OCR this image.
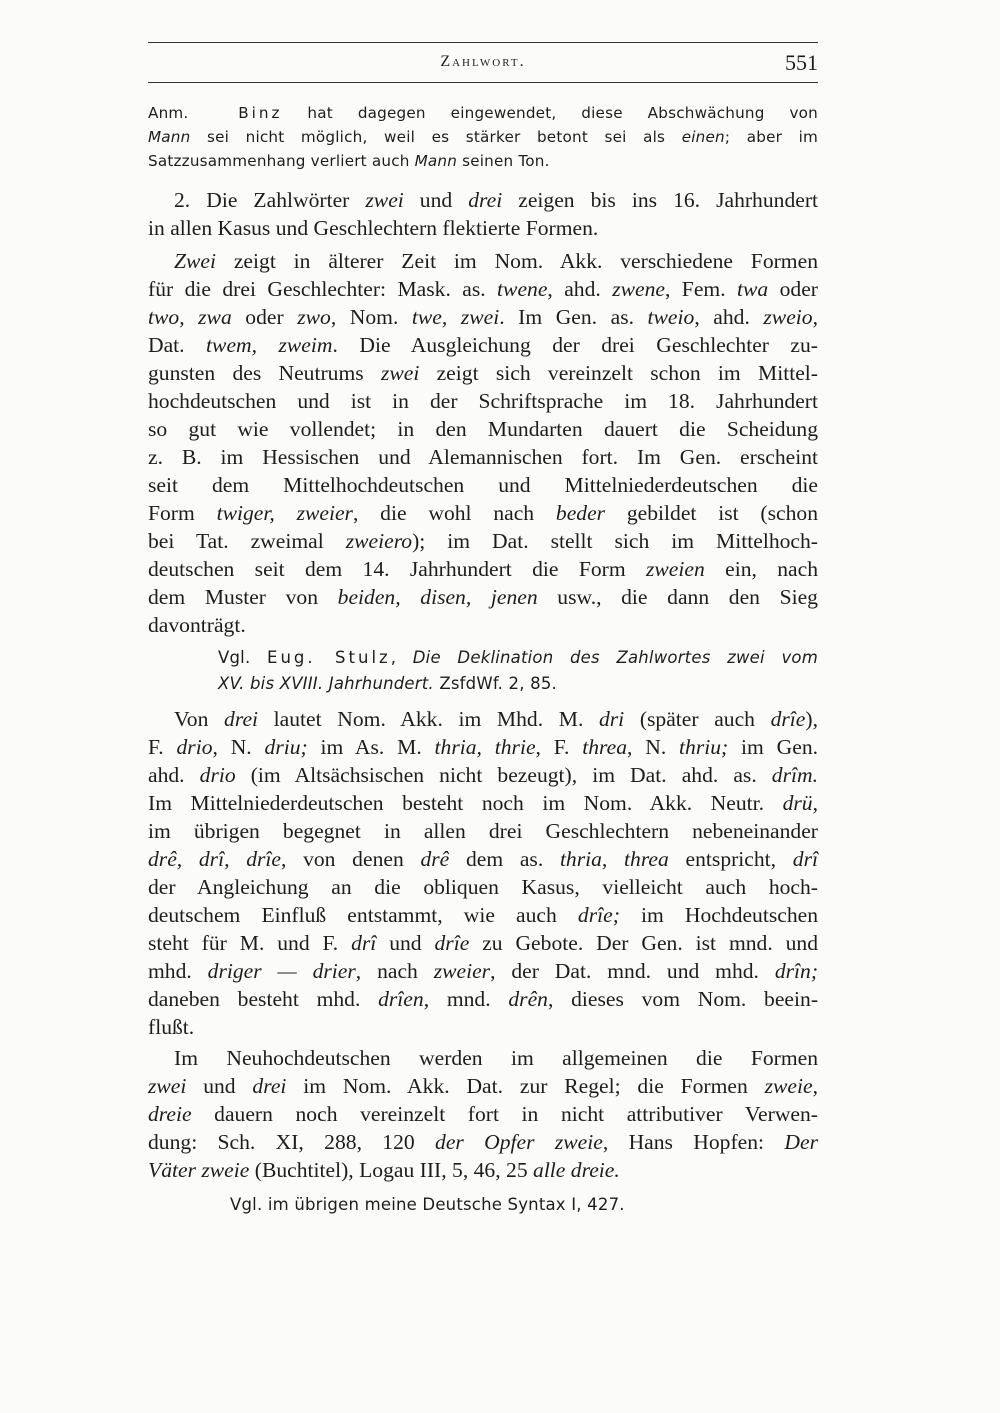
Zahlwort.	551
Anm.	Binz hat dagegen eingewendet, diese Abschwächung von
Mann sei nicht möglich, weil es stärker betont sei als einen; aber im
Satzzusammenhang verliert auch Mann seinen Ton.
2. Die Zahlwörter zwei und drei zeigen bis ins 16. Jahrhundert
in allen Kasus und Geschlechtern flektierte Formen.
Zwei zeigt in älterer Zeit im Nom. Akk. verschiedene Formen
für die drei Geschlechter: Mask. as. twene, ahd. zwene, Fem. twa oder
two, zwa oder zwo, Nom. twe, zwei. Im Gen. as. tweio, ahd. zweio,
Dat. twem, zweim. Die Ausgleichung der drei Geschlechter zu-
gunsten des Neutrums zwei zeigt sich vereinzelt schon im Mittel-
hochdeutschen und ist in der Schriftsprache im 18. Jahrhundert
so gut wie vollendet; in den Mundarten dauert die Scheidung
z. B. im Hessischen und Alemannischen fort. Im Gen. erscheint
seit dem Mittelhochdeutschen und Mittelniederdeutschen die
Form twiger, zweier, die wohl nach beder gebildet ist (schon
bei Tat. zweimal zweiero); im Dat. stellt sich im Mittelhoch-
deutschen seit dem 14. Jahrhundert die Form zweien ein, nach
dem Muster von beiden, disen, jenen usw., die dann den Sieg
davonträgt.
Vgl. Eug. Stulz, Die Deklination des Zahlwortes zwei vom
XV. bis XVIII. Jahrhundert. ZsfdWf. 2, 85.
Von drei lautet Nom. Akk. im Mhd. M. dri (später auch drîe),
F. drio, N. driu; im As. M. thria, thrie, F. threa, N. thriu; im Gen.
ahd. drio (im Altsächsischen nicht bezeugt), im Dat. ahd. as. drîm.
Im Mittelniederdeutschen besteht noch im Nom. Akk. Neutr. drü,
im übrigen begegnet in allen drei Geschlechtern nebeneinander
drê, drî, drîe, von denen drê dem as. thria, threa entspricht, drî
der Angleichung an die obliquen Kasus, vielleicht auch hoch-
deutschem Einfluß entstammt, wie auch drîe; im Hochdeutschen
steht für M. und F. drî und drîe zu Gebote. Der Gen. ist mnd. und
mhd. driger — drier, nach zweier, der Dat. mnd. und mhd. drîn;
daneben besteht mhd. drîen, mnd. drên, dieses vom Nom. beein-
flußt.
Im Neuhochdeutschen werden im allgemeinen die Formen
zwei und drei im Nom. Akk. Dat. zur Regel; die Formen zweie,
dreie dauern noch vereinzelt fort in nicht attributiver Verwen-
dung: Sch. XI, 288, 120 der Opfer zweie, Hans Hopfen: Der
Väter zweie (Buchtitel), Logau III, 5, 46, 25 alle dreie.
Vgl. im übrigen meine Deutsche Syntax I, 427.
